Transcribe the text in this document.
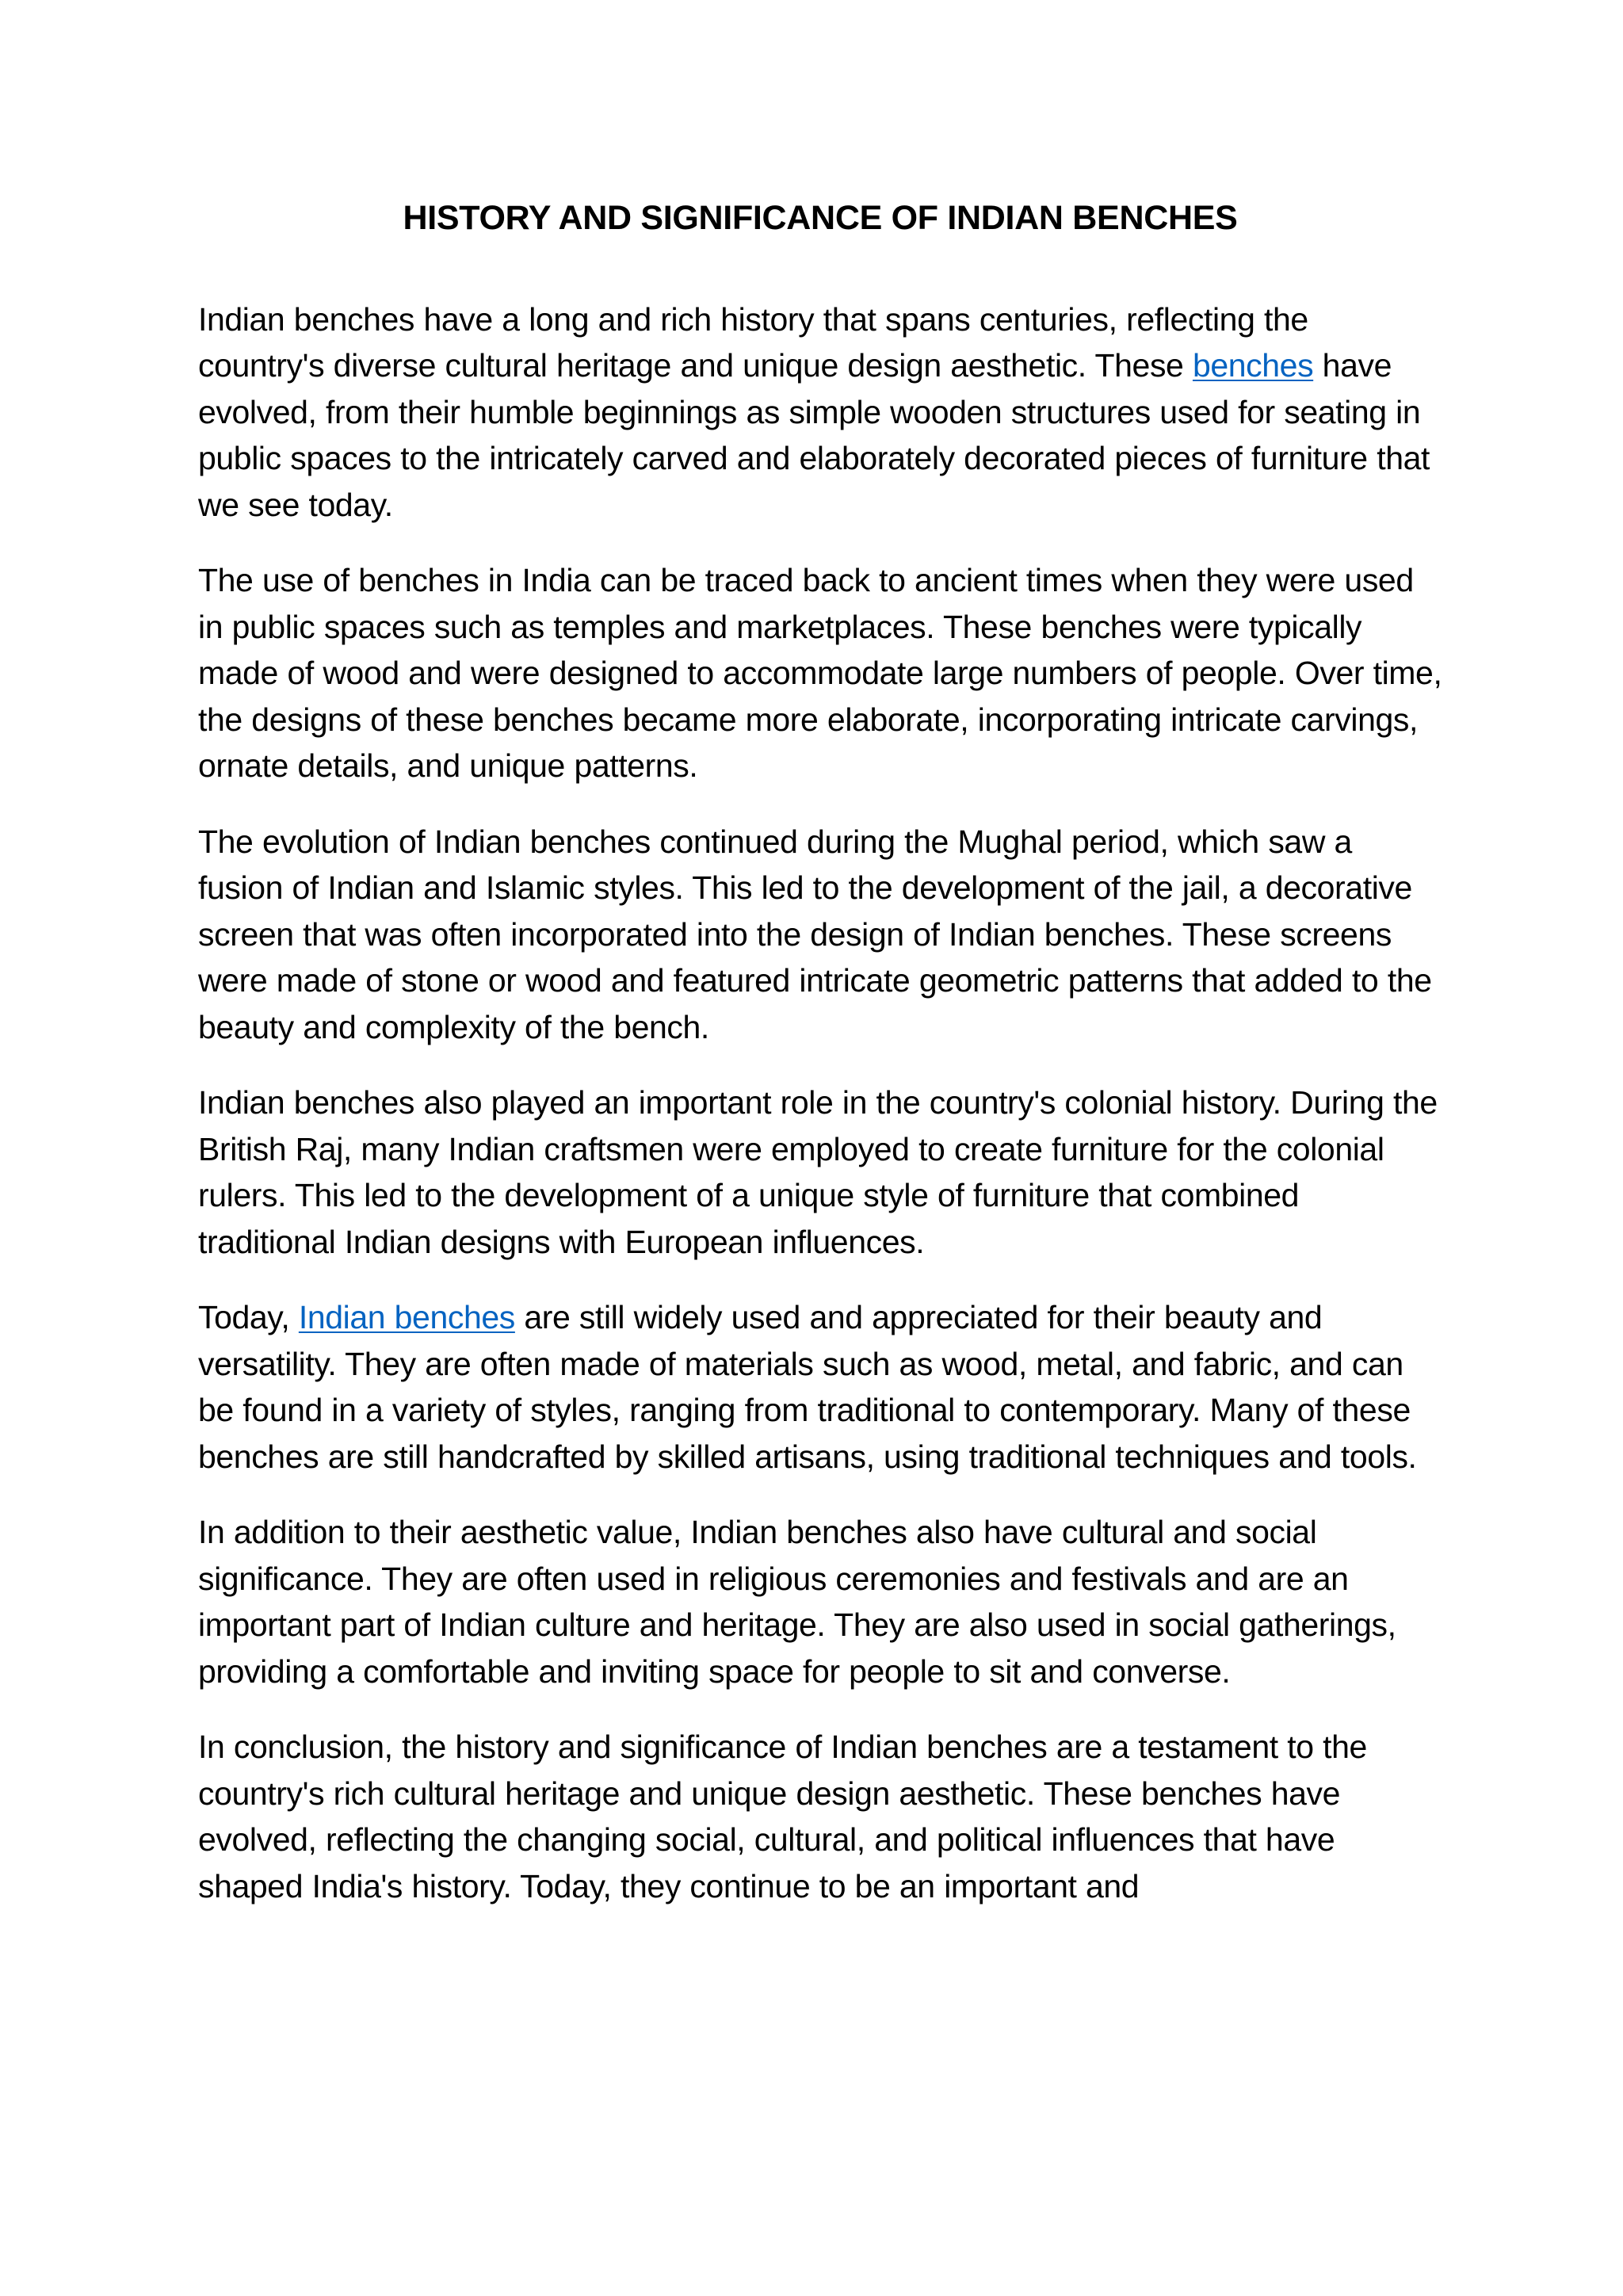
HISTORY AND SIGNIFICANCE OF INDIAN BENCHES

Indian benches have a long and rich history that spans centuries, reflecting the country's diverse cultural heritage and unique design aesthetic. These benches have evolved, from their humble beginnings as simple wooden structures used for seating in public spaces to the intricately carved and elaborately decorated pieces of furniture that we see today.

The use of benches in India can be traced back to ancient times when they were used in public spaces such as temples and marketplaces. These benches were typically made of wood and were designed to accommodate large numbers of people. Over time, the designs of these benches became more elaborate, incorporating intricate carvings, ornate details, and unique patterns.

The evolution of Indian benches continued during the Mughal period, which saw a fusion of Indian and Islamic styles. This led to the development of the jail, a decorative screen that was often incorporated into the design of Indian benches. These screens were made of stone or wood and featured intricate geometric patterns that added to the beauty and complexity of the bench.

Indian benches also played an important role in the country's colonial history. During the British Raj, many Indian craftsmen were employed to create furniture for the colonial rulers. This led to the development of a unique style of furniture that combined traditional Indian designs with European influences.

Today, Indian benches are still widely used and appreciated for their beauty and versatility. They are often made of materials such as wood, metal, and fabric, and can be found in a variety of styles, ranging from traditional to contemporary. Many of these benches are still handcrafted by skilled artisans, using traditional techniques and tools.

In addition to their aesthetic value, Indian benches also have cultural and social significance. They are often used in religious ceremonies and festivals and are an important part of Indian culture and heritage. They are also used in social gatherings, providing a comfortable and inviting space for people to sit and converse.

In conclusion, the history and significance of Indian benches are a testament to the country's rich cultural heritage and unique design aesthetic. These benches have evolved, reflecting the changing social, cultural, and political influences that have shaped India's history. Today, they continue to be an important and
